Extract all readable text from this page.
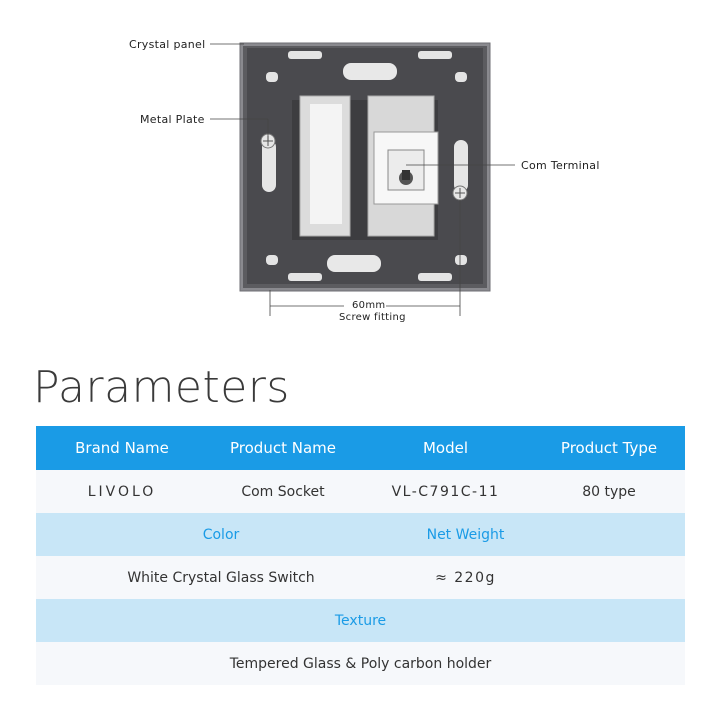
Crystal panel
Metal Plate
Com Terminal
60mm
Screw fitting
Parameters
Brand Name	Product Name	Model	Product Type
LIVOLO	Com Socket	VL-C791C-11	80 type
Color	Net Weight
White Crystal Glass Switch	≈ 220g
Texture
Tempered Glass & Poly carbon holder
